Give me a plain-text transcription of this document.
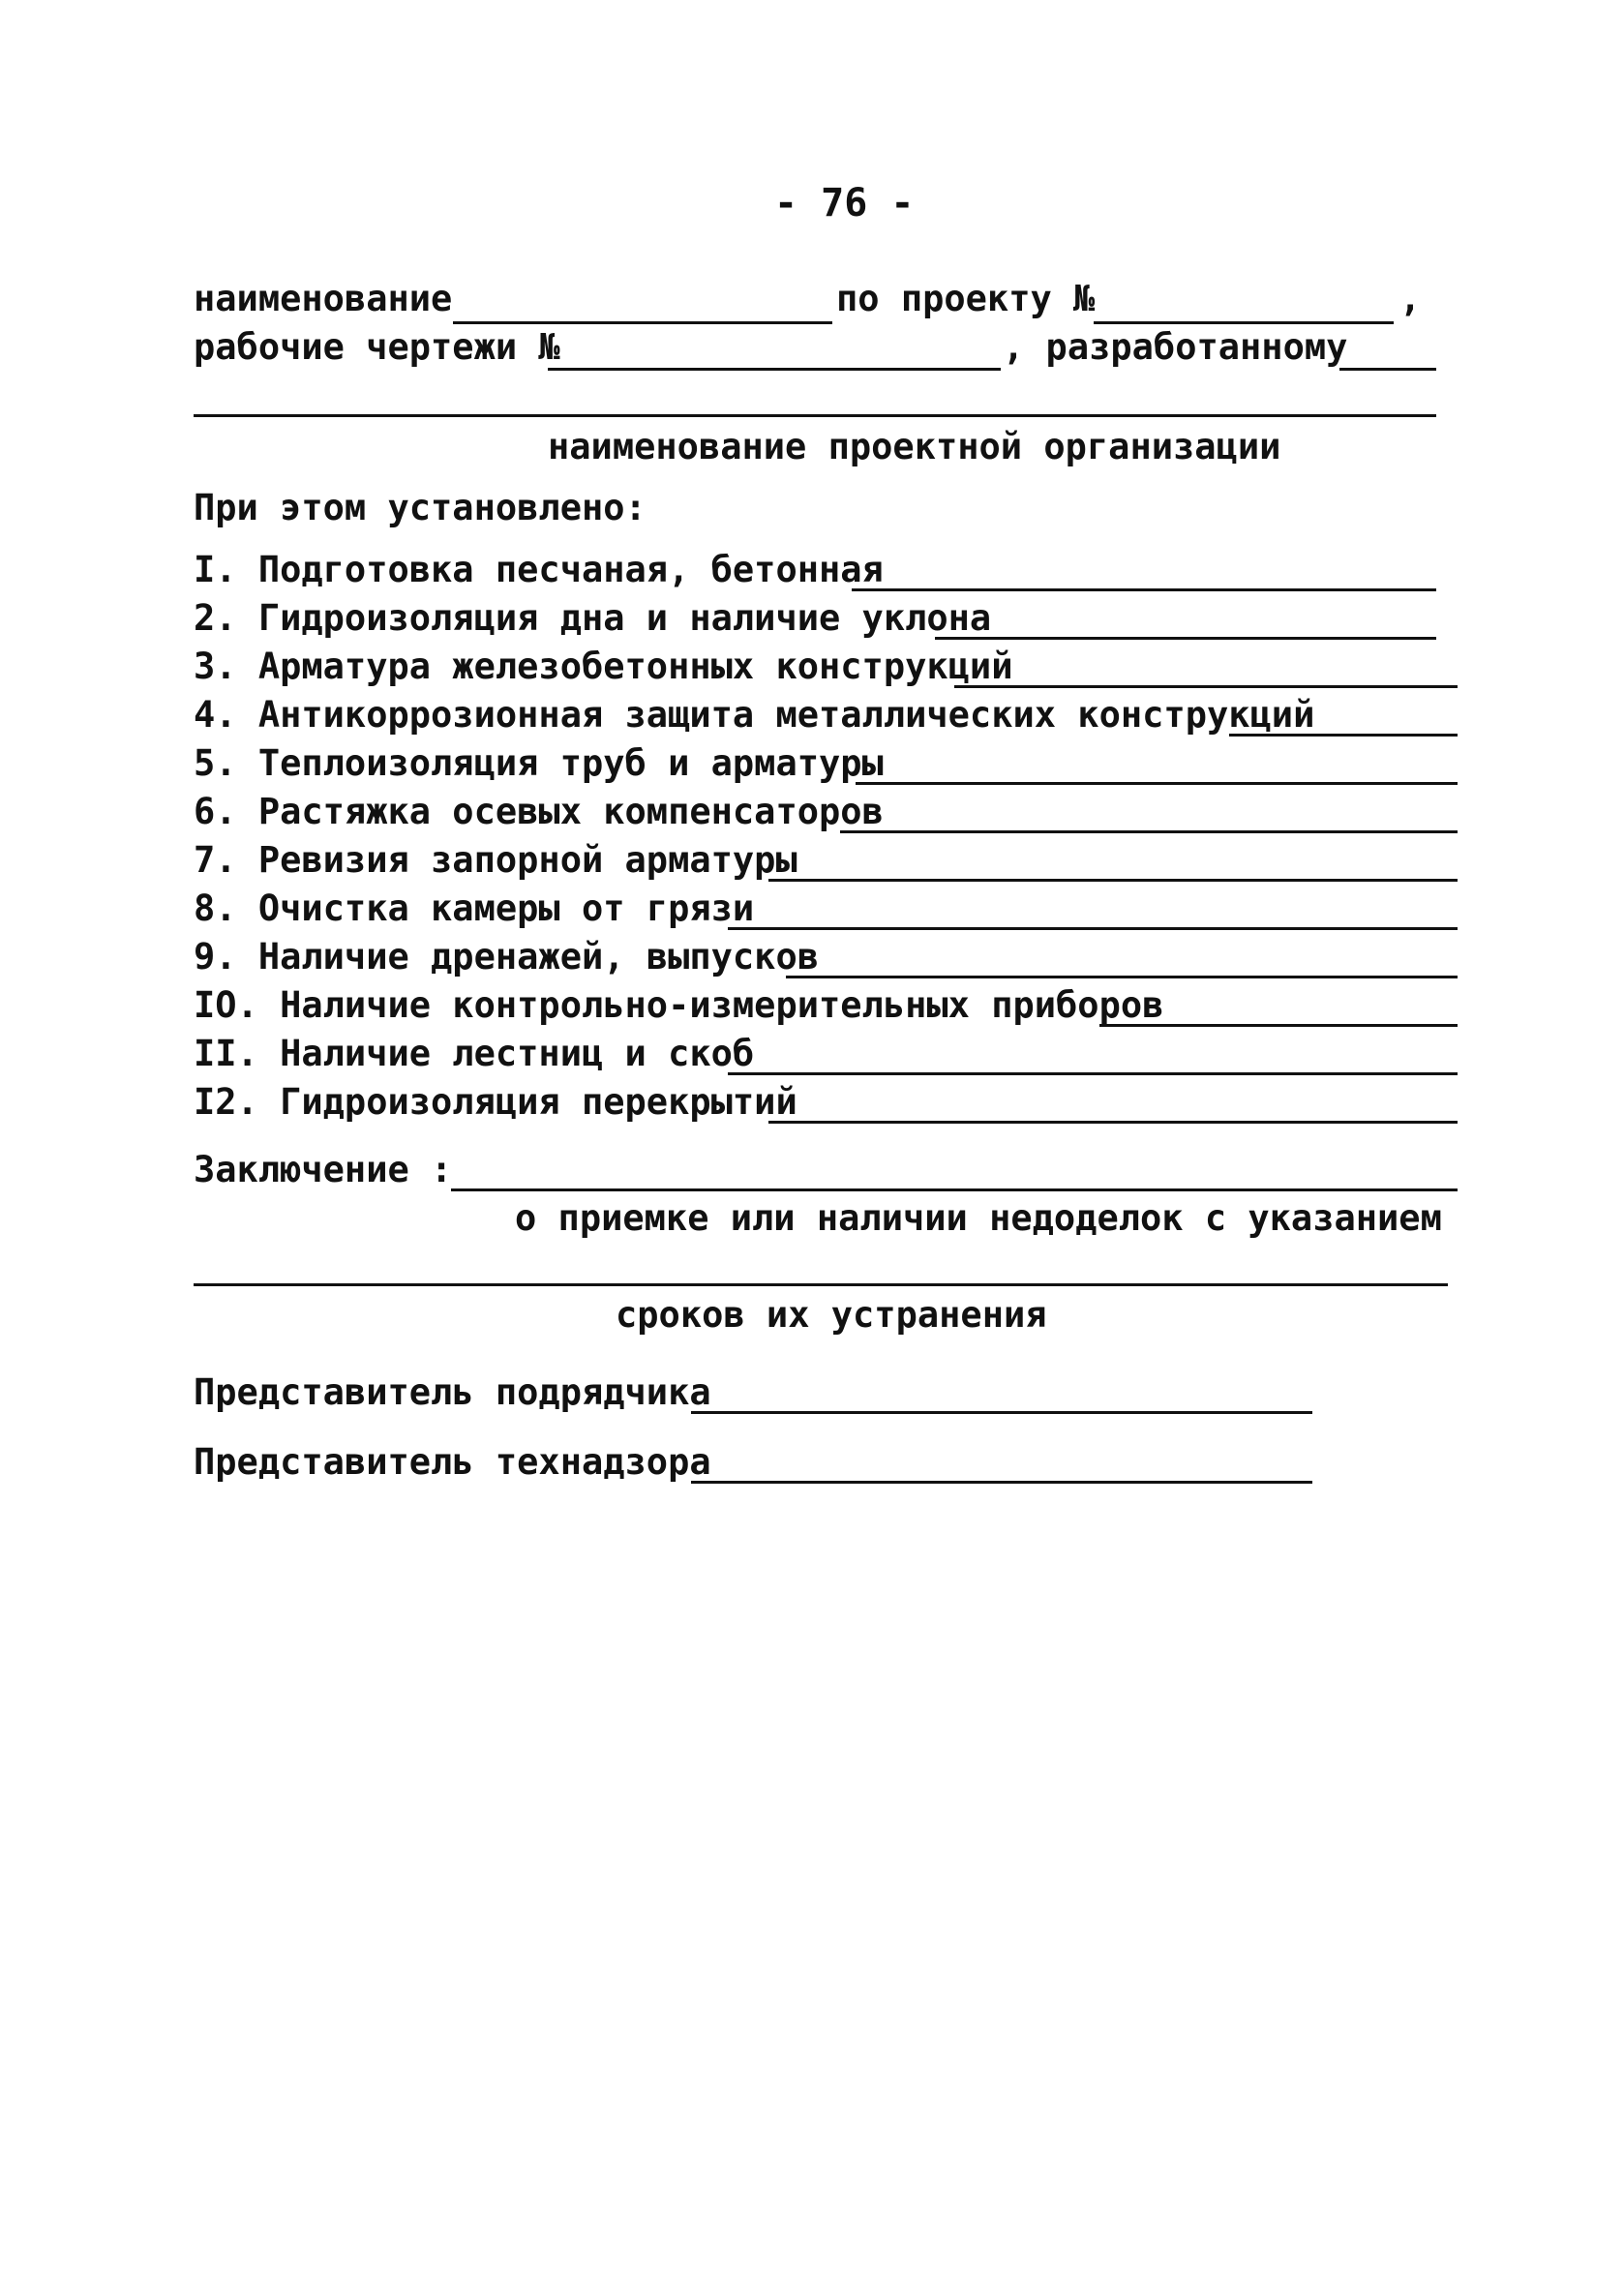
- 76 -
наименование	по проекту №	,
рабочие чертежи №	, разработанному
наименование проектной организации
При этом установлено:
I. Подготовка песчаная, бетонная
2. Гидроизоляция дна и наличие уклона
3. Арматура железобетонных конструкций
4. Антикоррозионная защита металлических конструкций
5. Теплоизоляция труб и арматуры
6. Растяжка осевых компенсаторов
7. Ревизия запорной арматуры
8. Очистка камеры от грязи
9. Наличие дренажей, выпусков
IO. Наличие контрольно-измерительных приборов
II. Наличие лестниц и скоб
I2. Гидроизоляция перекрытий
Заключение :
о приемке или наличии недоделок с указанием
сроков их устранения
Представитель подрядчика
Представитель технадзора
